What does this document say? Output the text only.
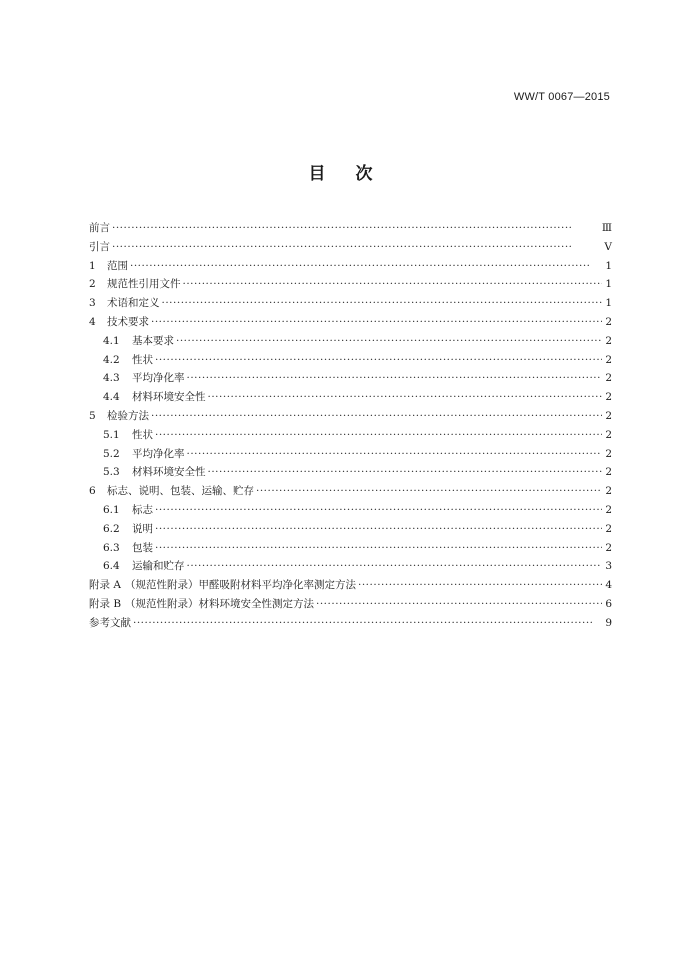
WW/T 0067—2015
目 次
前言 ·····	Ⅲ
引言 ·····	Ⅴ
1	范围 ·····	1
2	规范性引用文件 ·····	1
3	术语和定义 ·····	1
4	技术要求 ·····	2
4.1	基本要求 ·····	2
4.2	性状 ·····	2
4.3	平均净化率 ·····	2
4.4	材料环境安全性 ·····	2
5	检验方法 ·····	2
5.1	性状 ·····	2
5.2	平均净化率 ·····	2
5.3	材料环境安全性 ·····	2
6	标志、说明、包装、运输、贮存 ·····	2
6.1	标志 ·····	2
6.2	说明 ·····	2
6.3	包装 ·····	2
6.4	运输和贮存 ·····	3
附录 A （规范性附录）甲醛吸附材料平均净化率测定方法 ·····	4
附录 B （规范性附录）材料环境安全性测定方法 ·····	6
参考文献 ·····	9
